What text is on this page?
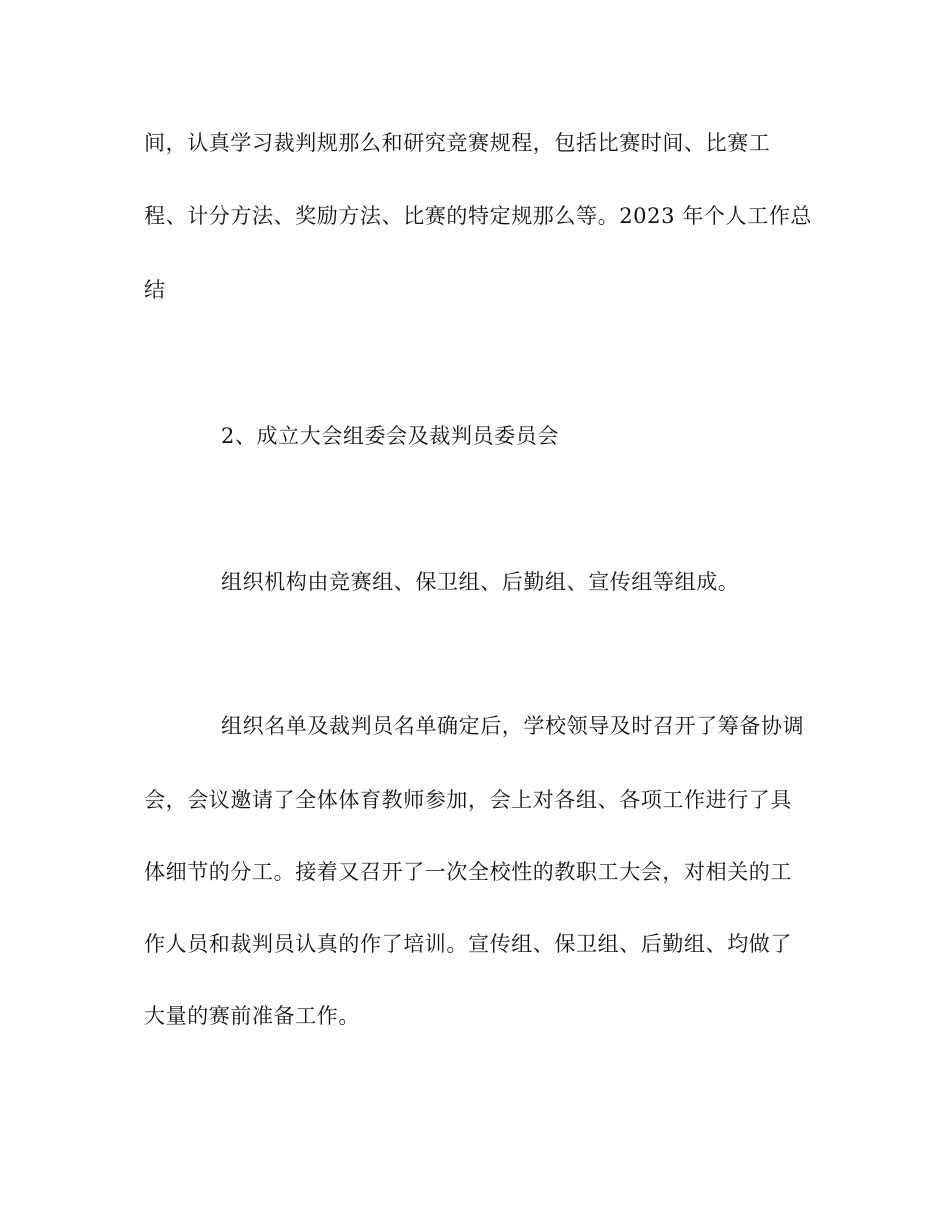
间，认真学习裁判规那么和研究竞赛规程，包括比赛时间、比赛工
程、计分方法、奖励方法、比赛的特定规那么等。2023 年个人工作总
结
2、成立大会组委会及裁判员委员会
组织机构由竞赛组、保卫组、后勤组、宣传组等组成。
组织名单及裁判员名单确定后，学校领导及时召开了筹备协调
会，会议邀请了全体体育教师参加，会上对各组、各项工作进行了具
体细节的分工。接着又召开了一次全校性的教职工大会，对相关的工
作人员和裁判员认真的作了培训。宣传组、保卫组、后勤组、均做了
大量的赛前准备工作。
